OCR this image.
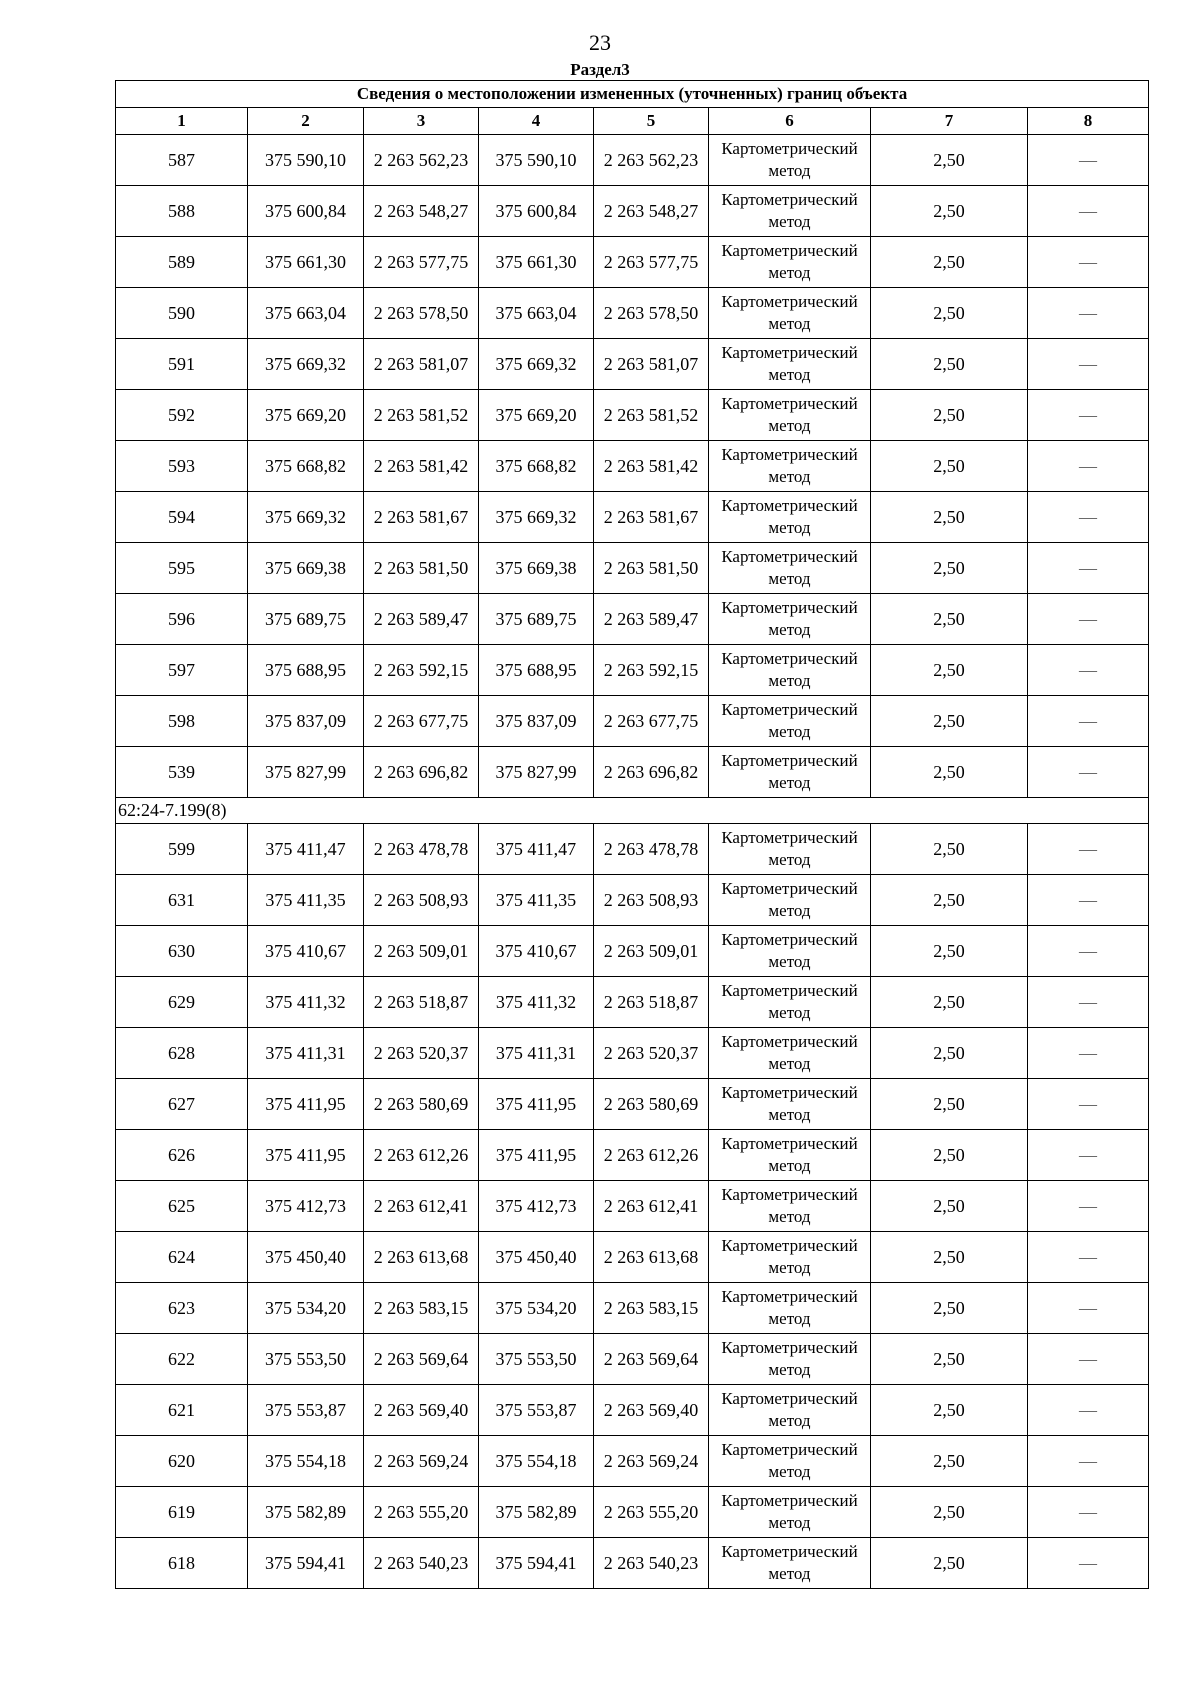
23
Раздел3
Сведения о местоположении измененных (уточненных) границ объекта							
1	2	3	4	5	6	7	8
587	375 590,10	2 263 562,23	375 590,10	2 263 562,23	Картометрический метод	2,50	—
588	375 600,84	2 263 548,27	375 600,84	2 263 548,27	Картометрический метод	2,50	—
589	375 661,30	2 263 577,75	375 661,30	2 263 577,75	Картометрический метод	2,50	—
590	375 663,04	2 263 578,50	375 663,04	2 263 578,50	Картометрический метод	2,50	—
591	375 669,32	2 263 581,07	375 669,32	2 263 581,07	Картометрический метод	2,50	—
592	375 669,20	2 263 581,52	375 669,20	2 263 581,52	Картометрический метод	2,50	—
593	375 668,82	2 263 581,42	375 668,82	2 263 581,42	Картометрический метод	2,50	—
594	375 669,32	2 263 581,67	375 669,32	2 263 581,67	Картометрический метод	2,50	—
595	375 669,38	2 263 581,50	375 669,38	2 263 581,50	Картометрический метод	2,50	—
596	375 689,75	2 263 589,47	375 689,75	2 263 589,47	Картометрический метод	2,50	—
597	375 688,95	2 263 592,15	375 688,95	2 263 592,15	Картометрический метод	2,50	—
598	375 837,09	2 263 677,75	375 837,09	2 263 677,75	Картометрический метод	2,50	—
539	375 827,99	2 263 696,82	375 827,99	2 263 696,82	Картометрический метод	2,50	—
62:24-7.199(8)							
599	375 411,47	2 263 478,78	375 411,47	2 263 478,78	Картометрический метод	2,50	—
631	375 411,35	2 263 508,93	375 411,35	2 263 508,93	Картометрический метод	2,50	—
630	375 410,67	2 263 509,01	375 410,67	2 263 509,01	Картометрический метод	2,50	—
629	375 411,32	2 263 518,87	375 411,32	2 263 518,87	Картометрический метод	2,50	—
628	375 411,31	2 263 520,37	375 411,31	2 263 520,37	Картометрический метод	2,50	—
627	375 411,95	2 263 580,69	375 411,95	2 263 580,69	Картометрический метод	2,50	—
626	375 411,95	2 263 612,26	375 411,95	2 263 612,26	Картометрический метод	2,50	—
625	375 412,73	2 263 612,41	375 412,73	2 263 612,41	Картометрический метод	2,50	—
624	375 450,40	2 263 613,68	375 450,40	2 263 613,68	Картометрический метод	2,50	—
623	375 534,20	2 263 583,15	375 534,20	2 263 583,15	Картометрический метод	2,50	—
622	375 553,50	2 263 569,64	375 553,50	2 263 569,64	Картометрический метод	2,50	—
621	375 553,87	2 263 569,40	375 553,87	2 263 569,40	Картометрический метод	2,50	—
620	375 554,18	2 263 569,24	375 554,18	2 263 569,24	Картометрический метод	2,50	—
619	375 582,89	2 263 555,20	375 582,89	2 263 555,20	Картометрический метод	2,50	—
618	375 594,41	2 263 540,23	375 594,41	2 263 540,23	Картометрический метод	2,50	—
